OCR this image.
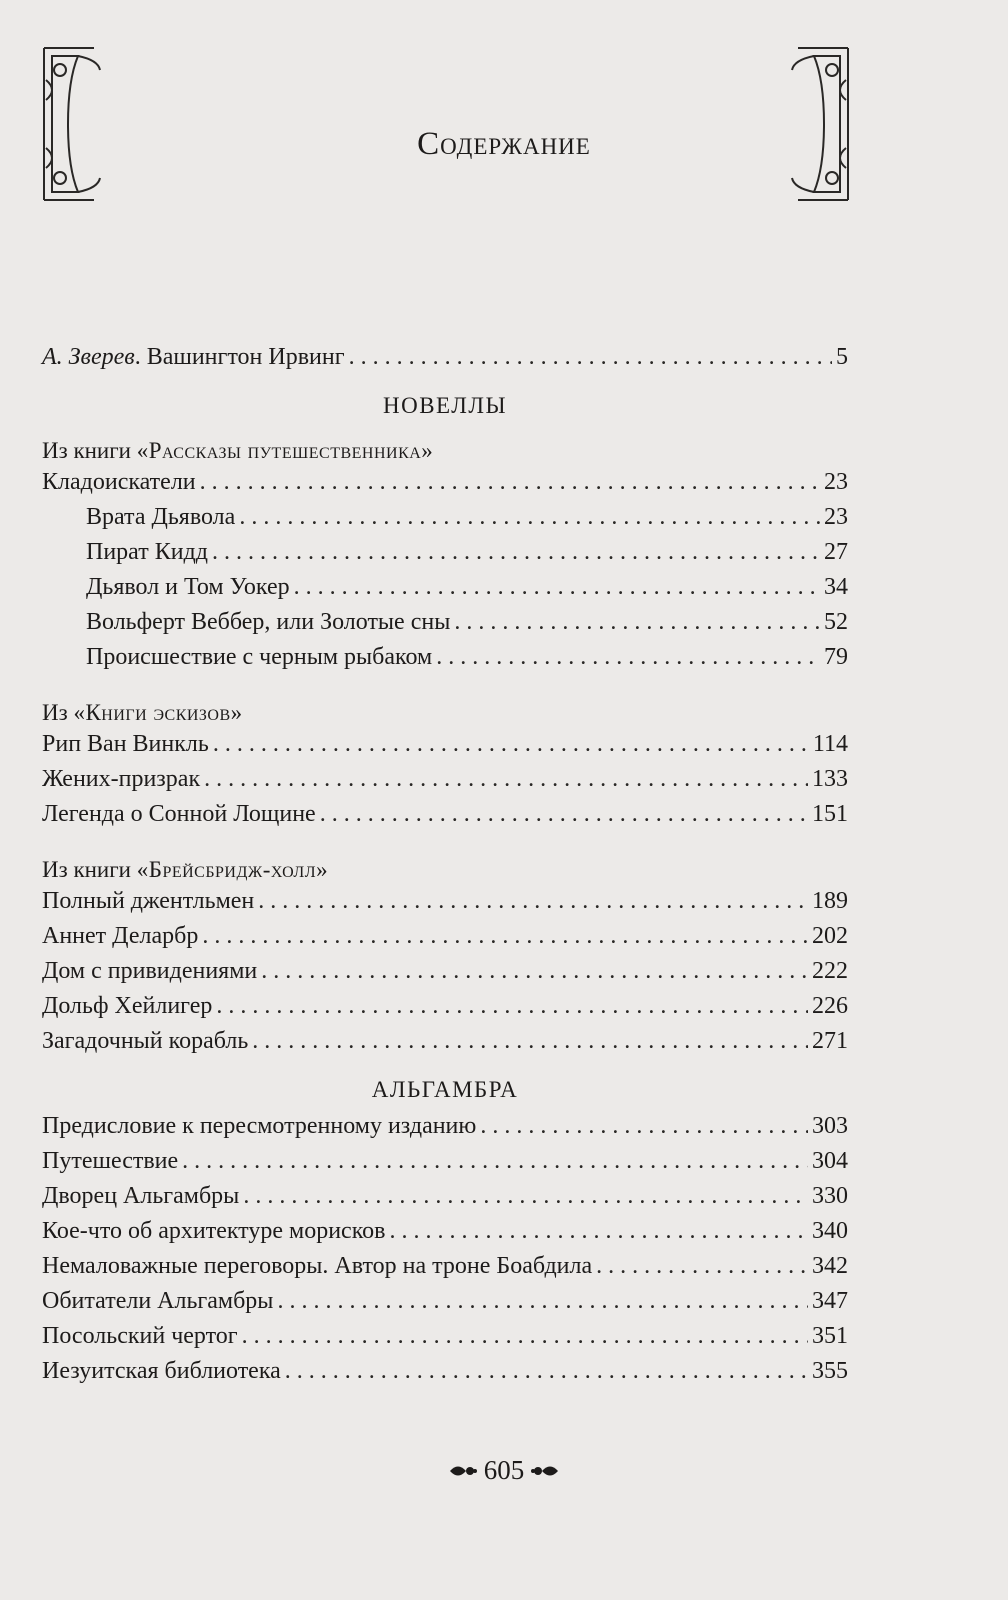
Содержание
А. Зверев. Вашингтон Ирвинг . . .	5
НОВЕЛЛЫ
Из книги «Рассказы путешественника»
Кладоискатели . . .	23
Врата Дьявола . . .	23
Пират Кидд . . .	27
Дьявол и Том Уокер . . .	34
Вольферт Веббер, или Золотые сны . . .	52
Происшествие с черным рыбаком . . .	79
Из «Книги эскизов»
Рип Ван Винкль . . .	114
Жених-призрак . . .	133
Легенда о Сонной Лощине . . .	151
Из книги «Брейсбридж-холл»
Полный джентльмен . . .	189
Аннет Деларбр . . .	202
Дом с привидениями . . .	222
Дольф Хейлигер . . .	226
Загадочный корабль . . .	271
АЛЬГАМБРА
Предисловие к пересмотренному изданию . . .	303
Путешествие . . .	304
Дворец Альгамбры . . .	330
Кое-что об архитектуре морисков . . .	340
Немаловажные переговоры. Автор на троне Боабдила . . .	342
Обитатели Альгамбры . . .	347
Посольский чертог . . .	351
Иезуитская библиотека . . .	355
605
